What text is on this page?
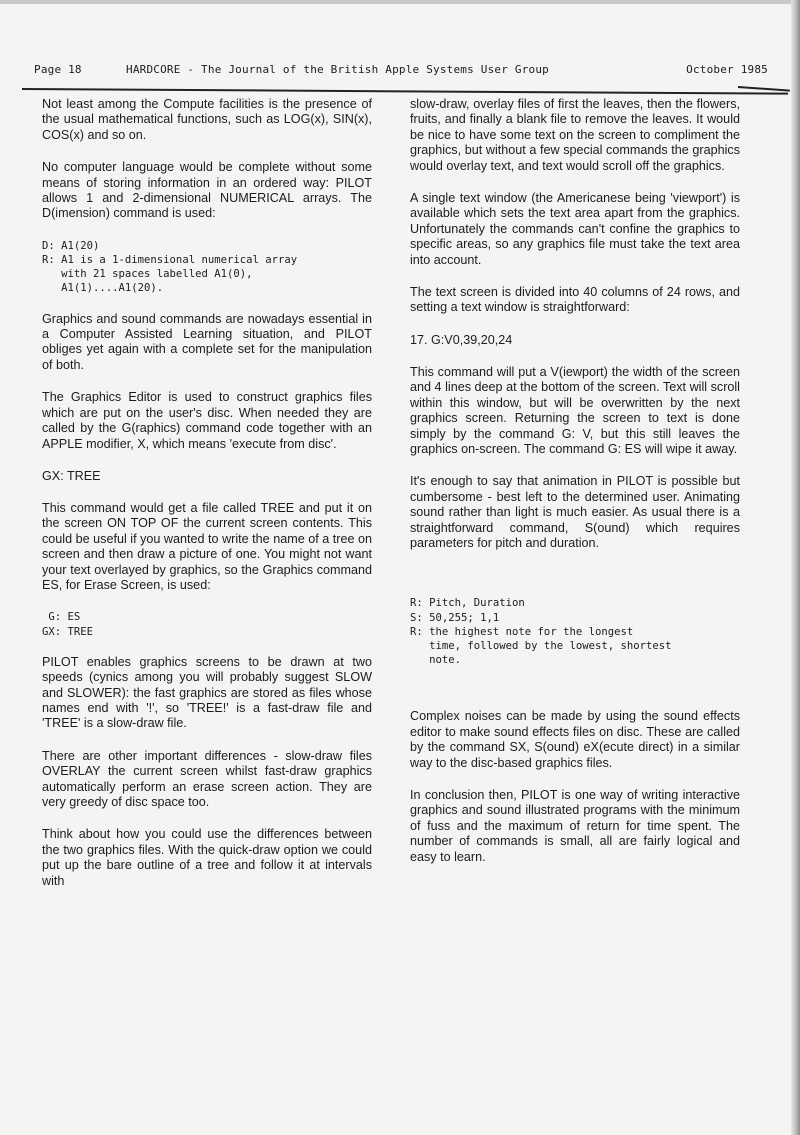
Page 18	HARDCORE - The Journal of the British Apple Systems User Group	October 1985

Not least among the Compute facilities is the presence of the usual mathematical functions, such as LOG(x), SIN(x), COS(x) and so on.

No computer language would be complete without some means of storing information in an ordered way: PILOT allows 1 and 2-dimensional NUMERICAL arrays. The D(imension) command is used:

D: A1(20)
R: A1 is a 1-dimensional numerical array
with 21 spaces labelled A1(0),
A1(1)....A1(20).

Graphics and sound commands are nowadays essential in a Computer Assisted Learning situation, and PILOT obliges yet again with a complete set for the manipulation of both.

The Graphics Editor is used to construct graphics files which are put on the user's disc. When needed they are called by the G(raphics) command code together with an APPLE modifier, X, which means 'execute from disc'.

GX: TREE

This command would get a file called TREE and put it on the screen ON TOP OF the current screen contents. This could be useful if you wanted to write the name of a tree on screen and then draw a picture of one. You might not want your text overlayed by graphics, so the Graphics command ES, for Erase Screen, is used:

G: ES
GX: TREE

PILOT enables graphics screens to be drawn at two speeds (cynics among you will probably suggest SLOW and SLOWER): the fast graphics are stored as files whose names end with '!', so 'TREE!' is a fast-draw file and 'TREE' is a slow-draw file.

There are other important differences - slow-draw files OVERLAY the current screen whilst fast-draw graphics automatically perform an erase screen action. They are very greedy of disc space too.

Think about how you could use the differences between the two graphics files. With the quick-draw option we could put up the bare outline of a tree and follow it at intervals with

slow-draw, overlay files of first the leaves, then the flowers, fruits, and finally a blank file to remove the leaves. It would be nice to have some text on the screen to compliment the graphics, but without a few special commands the graphics would overlay text, and text would scroll off the graphics.

A single text window (the Americanese being 'viewport') is available which sets the text area apart from the graphics. Unfortunately the commands can't confine the graphics to specific areas, so any graphics file must take the text area into account.

The text screen is divided into 40 columns of 24 rows, and setting a text window is straightforward:

17. G:V0,39,20,24

This command will put a V(iewport) the width of the screen and 4 lines deep at the bottom of the screen. Text will scroll within this window, but will be overwritten by the next graphics screen. Returning the screen to text is done simply by the command G: V, but this still leaves the graphics on-screen. The command G: ES will wipe it away.

It's enough to say that animation in PILOT is possible but cumbersome - best left to the determined user. Animating sound rather than light is much easier. As usual there is a straightforward command, S(ound) which requires parameters for pitch and duration.

R: Pitch, Duration
S: 50,255; 1,1
R: the highest note for the longest
time, followed by the lowest, shortest
note.

Complex noises can be made by using the sound effects editor to make sound effects files on disc. These are called by the command SX, S(ound) eX(ecute direct) in a similar way to the disc-based graphics files.

In conclusion then, PILOT is one way of writing interactive graphics and sound illustrated programs with the minimum of fuss and the maximum of return for time spent. The number of commands is small, all are fairly logical and easy to learn.
